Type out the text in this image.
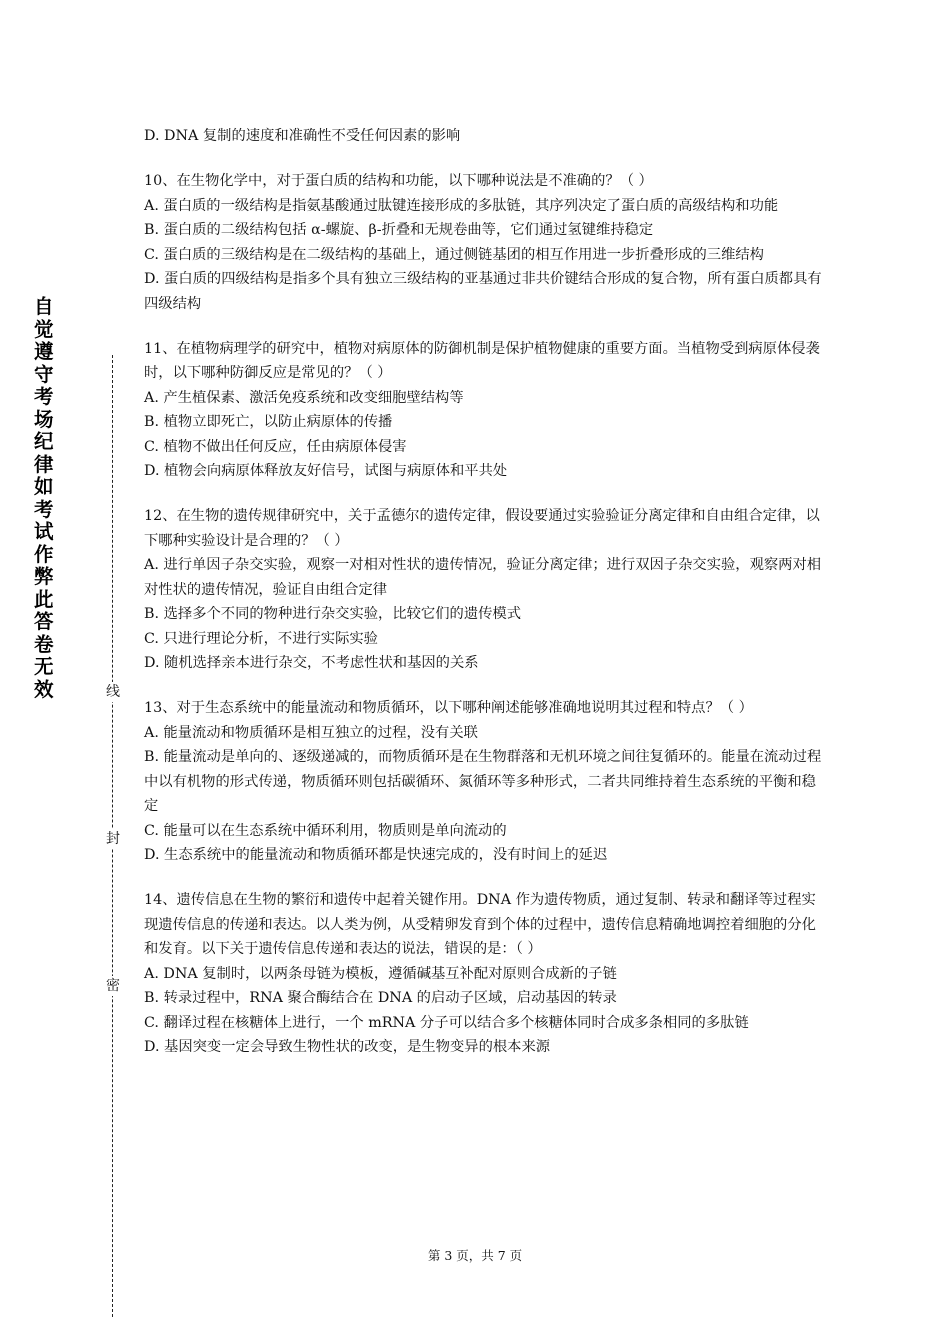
自觉遵守考场纪律如考试作弊此答卷无效	线
封
密

D. DNA 复制的速度和准确性不受任何因素的影响

10、在生物化学中，对于蛋白质的结构和功能，以下哪种说法是不准确的？（ ）

A. 蛋白质的一级结构是指氨基酸通过肽键连接形成的多肽链，其序列决定了蛋白质的高级结构和功能

B. 蛋白质的二级结构包括 α-螺旋、β-折叠和无规卷曲等，它们通过氢键维持稳定

C. 蛋白质的三级结构是在二级结构的基础上，通过侧链基团的相互作用进一步折叠形成的三维结构

D. 蛋白质的四级结构是指多个具有独立三级结构的亚基通过非共价键结合形成的复合物，所有蛋白质都具有四级结构

11、在植物病理学的研究中，植物对病原体的防御机制是保护植物健康的重要方面。当植物受到病原体侵袭时，以下哪种防御反应是常见的？（ ）

A. 产生植保素、激活免疫系统和改变细胞壁结构等

B. 植物立即死亡，以防止病原体的传播

C. 植物不做出任何反应，任由病原体侵害

D. 植物会向病原体释放友好信号，试图与病原体和平共处

12、在生物的遗传规律研究中，关于孟德尔的遗传定律，假设要通过实验验证分离定律和自由组合定律，以下哪种实验设计是合理的？（ ）

A. 进行单因子杂交实验，观察一对相对性状的遗传情况，验证分离定律；进行双因子杂交实验，观察两对相对性状的遗传情况，验证自由组合定律

B. 选择多个不同的物种进行杂交实验，比较它们的遗传模式

C. 只进行理论分析，不进行实际实验

D. 随机选择亲本进行杂交，不考虑性状和基因的关系

13、对于生态系统中的能量流动和物质循环，以下哪种阐述能够准确地说明其过程和特点？（ ）

A. 能量流动和物质循环是相互独立的过程，没有关联

B. 能量流动是单向的、逐级递减的，而物质循环是在生物群落和无机环境之间往复循环的。能量在流动过程中以有机物的形式传递，物质循环则包括碳循环、氮循环等多种形式，二者共同维持着生态系统的平衡和稳定

C. 能量可以在生态系统中循环利用，物质则是单向流动的

D. 生态系统中的能量流动和物质循环都是快速完成的，没有时间上的延迟

14、遗传信息在生物的繁衍和遗传中起着关键作用。DNA 作为遗传物质，通过复制、转录和翻译等过程实现遗传信息的传递和表达。以人类为例，从受精卵发育到个体的过程中，遗传信息精确地调控着细胞的分化和发育。以下关于遗传信息传递和表达的说法，错误的是：（ ）

A. DNA 复制时，以两条母链为模板，遵循碱基互补配对原则合成新的子链

B. 转录过程中，RNA 聚合酶结合在 DNA 的启动子区域，启动基因的转录

C. 翻译过程在核糖体上进行，一个 mRNA 分子可以结合多个核糖体同时合成多条相同的多肽链

D. 基因突变一定会导致生物性状的改变，是生物变异的根本来源

第 3 页，共 7 页
